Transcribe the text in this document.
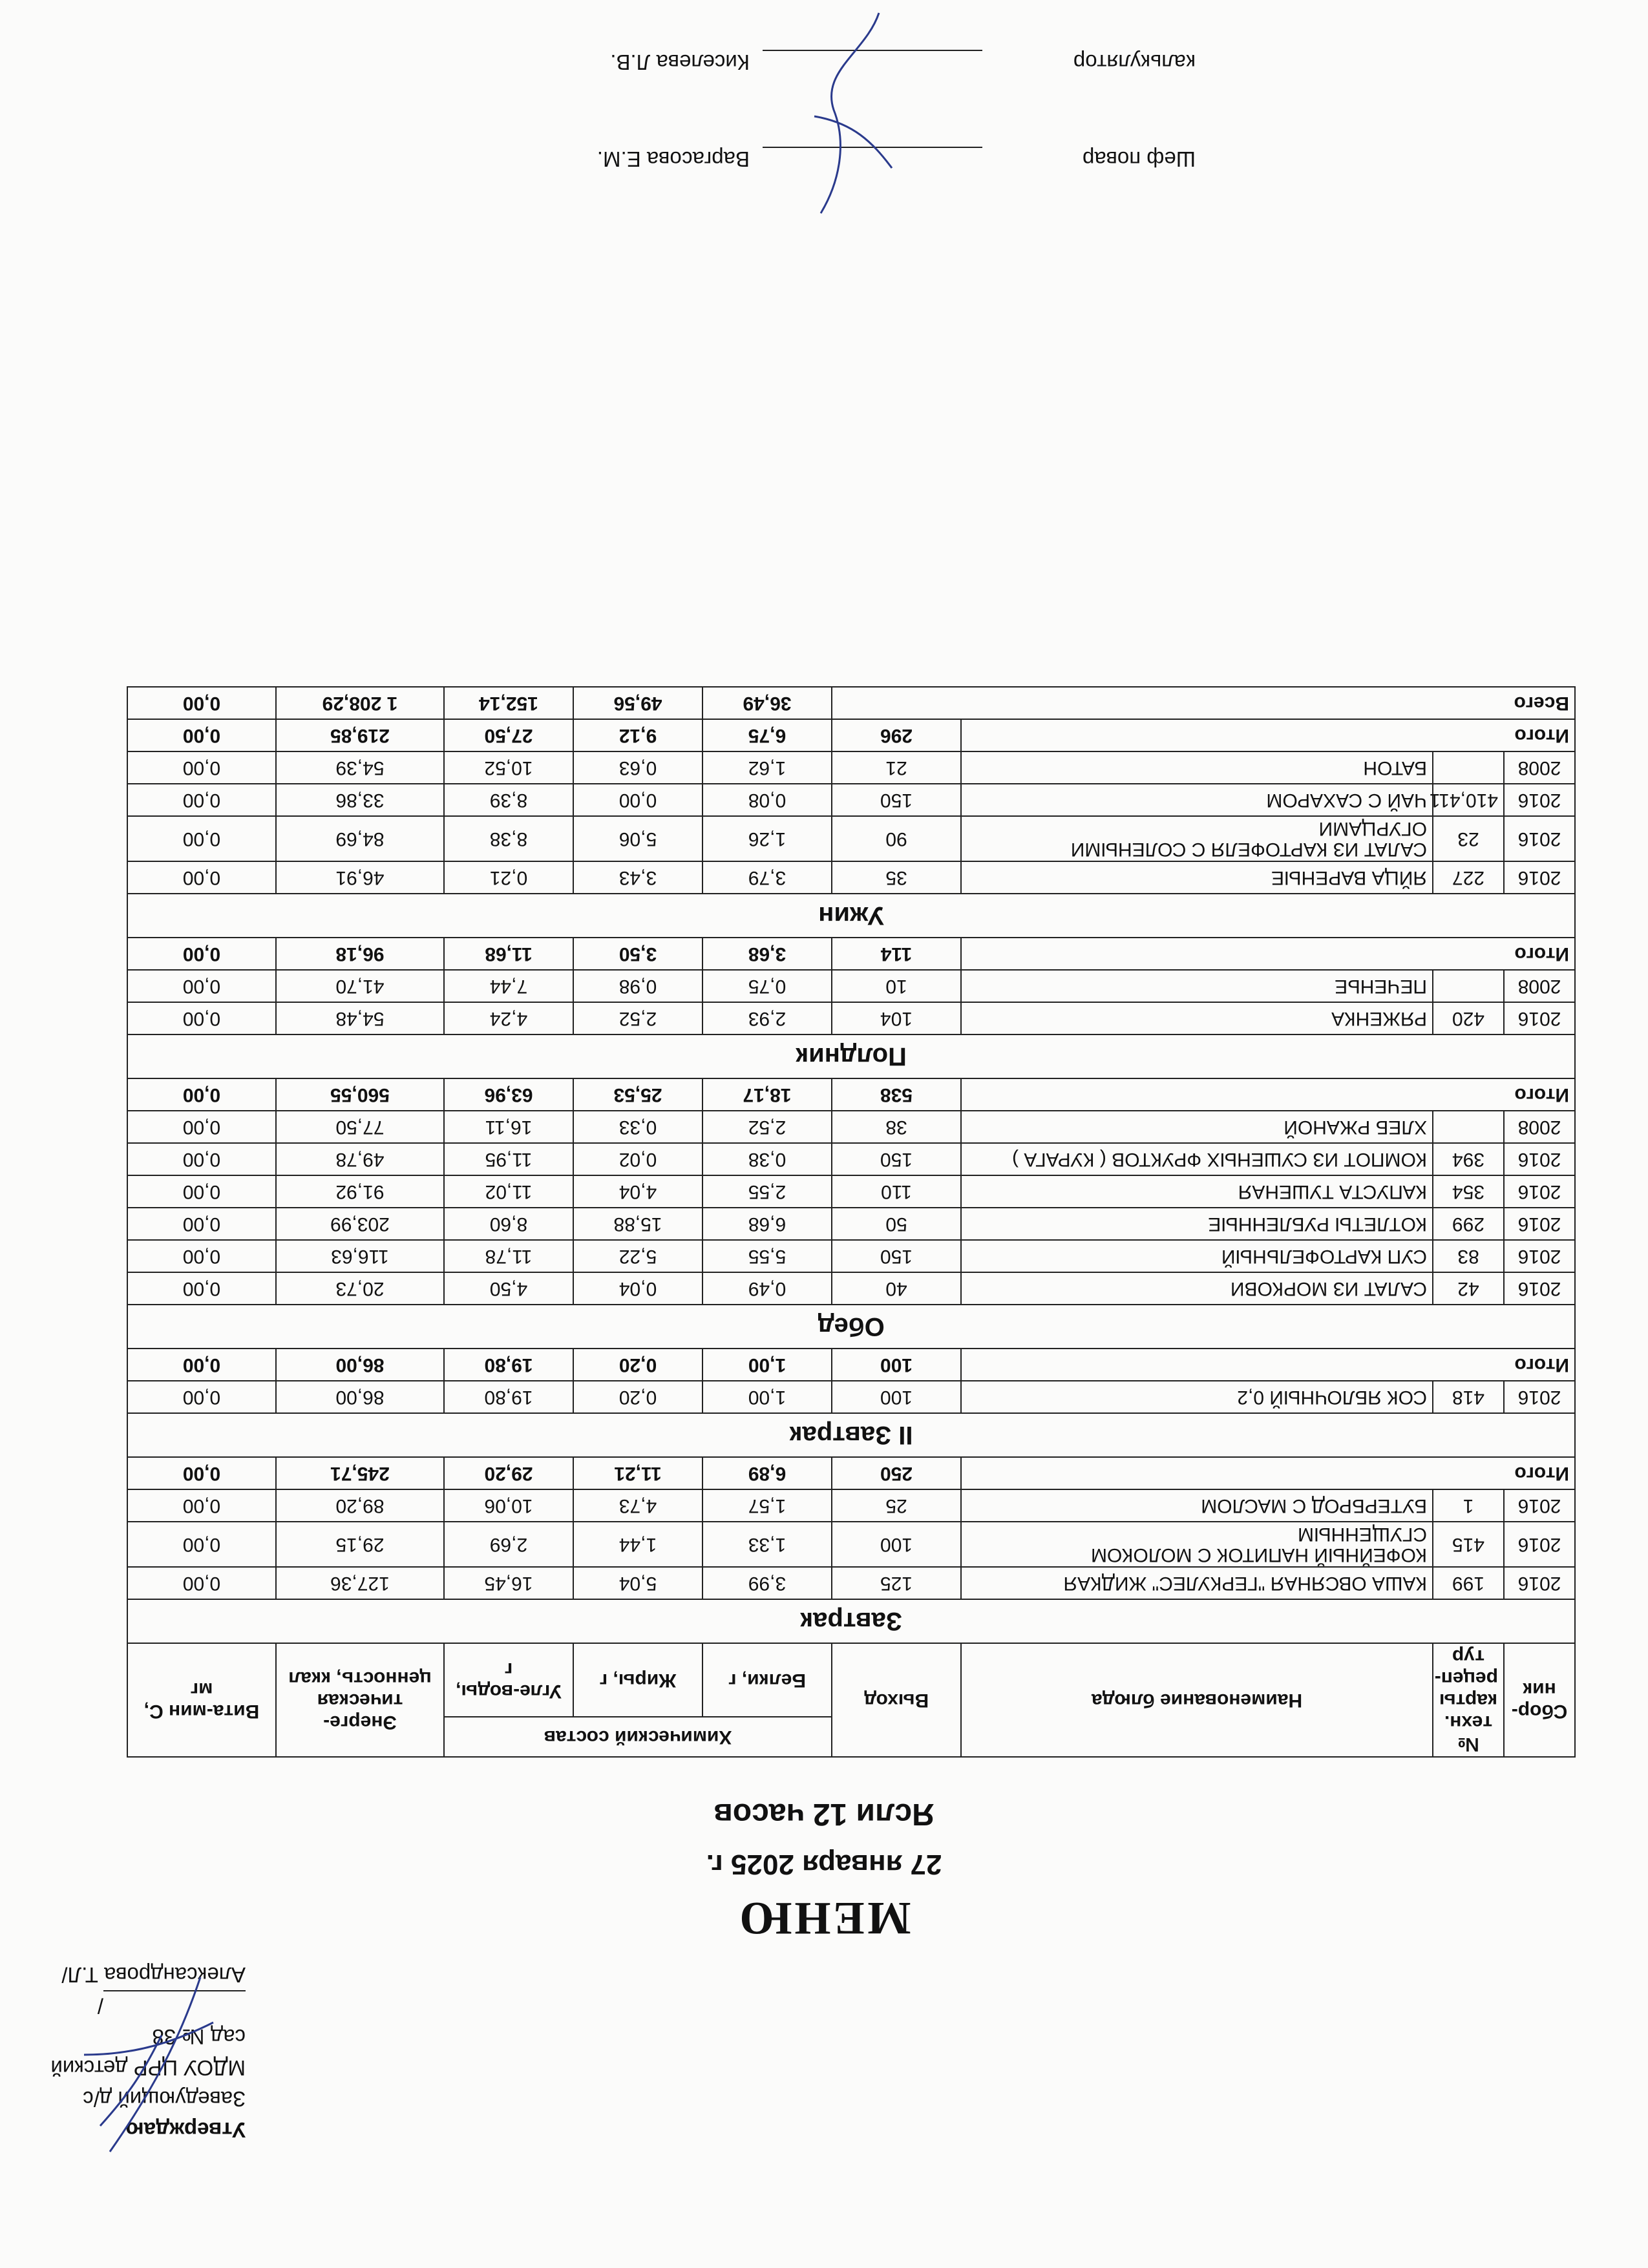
Утверждаю
Заведующий д/с
МДОУ ЦРР детский сад № 38
/Александрова Т.Л/
МЕНЮ
27 января 2025 г.
Ясли 12 часов
Сбор-ник	№ техн. карты рецеп-тур	Наименование блюда	Выход	Химический состав			Энерге-тическая ценность, ккал	Вита-мин С, мг
				Белки, г	Жиры, г	Угле-воды, г		
Завтрак								
2016	199	КАША ОВСЯНАЯ "ГЕРКУЛЕС" ЖИДКАЯ	125	3,99	5,04	16,45	127,36	0,00
2016	415	КОФЕЙНЫЙ НАПИТОК С МОЛОКОМ СГУЩЕННЫМ	100	1,33	1,44	2,69	29,15	0,00
2016	1	БУТЕРБРОД С МАСЛОМ	25	1,57	4,73	10,06	89,20	0,00
Итого			250	6,89	11,21	29,20	245,71	0,00
II Завтрак								
2016	418	СОК ЯБЛОЧНЫЙ 0,2	100	1,00	0,20	19,80	86,00	0,00
Итого			100	1,00	0,20	19,80	86,00	0,00
Обед								
2016	42	САЛАТ ИЗ МОРКОВИ	40	0,49	0,04	4,50	20,73	0,00
2016	83	СУП КАРТОФЕЛЬНЫЙ	150	5,55	5,22	11,78	116,63	0,00
2016	299	КОТЛЕТЫ РУБЛЕННЫЕ	50	6,68	15,88	8,60	203,99	0,00
2016	354	КАПУСТА ТУШЕНАЯ	110	2,55	4,04	11,02	91,92	0,00
2016	394	КОМПОТ ИЗ СУШЕНЫХ ФРУКТОВ ( КУРАГА )	150	0,38	0,02	11,95	49,78	0,00
2008		ХЛЕБ РЖАНОЙ	38	2,52	0,33	16,11	77,50	0,00
Итого			538	18,17	25,53	63,96	560,55	0,00
Полдник								
2016	420	РЯЖЕНКА	104	2,93	2,52	4,24	54,48	0,00
2008		ПЕЧЕНЬЕ	10	0,75	0,98	7,44	41,70	0,00
Итого			114	3,68	3,50	11,68	96,18	0,00
Ужин								
2016	227	ЯЙЦА ВАРЕНЫЕ	35	3,79	3,43	0,21	46,91	0,00
2016	23	САЛАТ ИЗ КАРТОФЕЛЯ С СОЛЕНЫМИ ОГУРЦАМИ	90	1,26	5,06	8,38	84,69	0,00
2016	410,411	ЧАЙ С САХАРОМ	150	0,08	0,00	8,39	33,86	0,00
2008		БАТОН	21	1,62	0,63	10,52	54,39	0,00
Итого			296	6,75	9,12	27,50	219,85	0,00
Всего				36,49	49,56	152,14	1 208,29	0,00
Шеф повар
Варгасова Е.М.
калькулятор
Киселева Л.В.
